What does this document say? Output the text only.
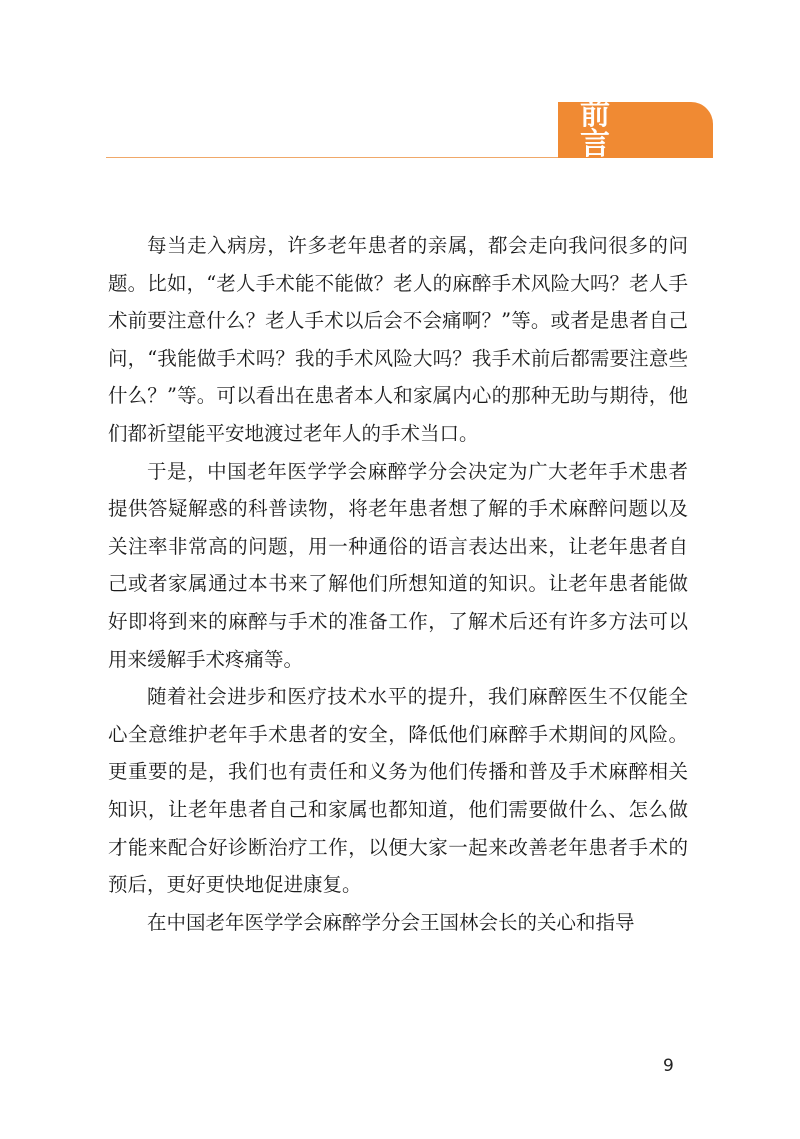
前 言

每当走入病房，许多老年患者的亲属，都会走向我问很多的问题。比如，“老人手术能不能做？老人的麻醉手术风险大吗？老人手术前要注意什么？老人手术以后会不会痛啊？”等。或者是患者自己问，“我能做手术吗？我的手术风险大吗？我手术前后都需要注意些什么？”等。可以看出在患者本人和家属内心的那种无助与期待，他们都祈望能平安地渡过老年人的手术当口。

于是，中国老年医学学会麻醉学分会决定为广大老年手术患者提供答疑解惑的科普读物，将老年患者想了解的手术麻醉问题以及关注率非常高的问题，用一种通俗的语言表达出来，让老年患者自己或者家属通过本书来了解他们所想知道的知识。让老年患者能做好即将到来的麻醉与手术的准备工作，了解术后还有许多方法可以用来缓解手术疼痛等。

随着社会进步和医疗技术水平的提升，我们麻醉医生不仅能全心全意维护老年手术患者的安全，降低他们麻醉手术期间的风险。更重要的是，我们也有责任和义务为他们传播和普及手术麻醉相关知识，让老年患者自己和家属也都知道，他们需要做什么、怎么做才能来配合好诊断治疗工作，以便大家一起来改善老年患者手术的预后，更好更快地促进康复。

在中国老年医学学会麻醉学分会王国林会长的关心和指导

9
